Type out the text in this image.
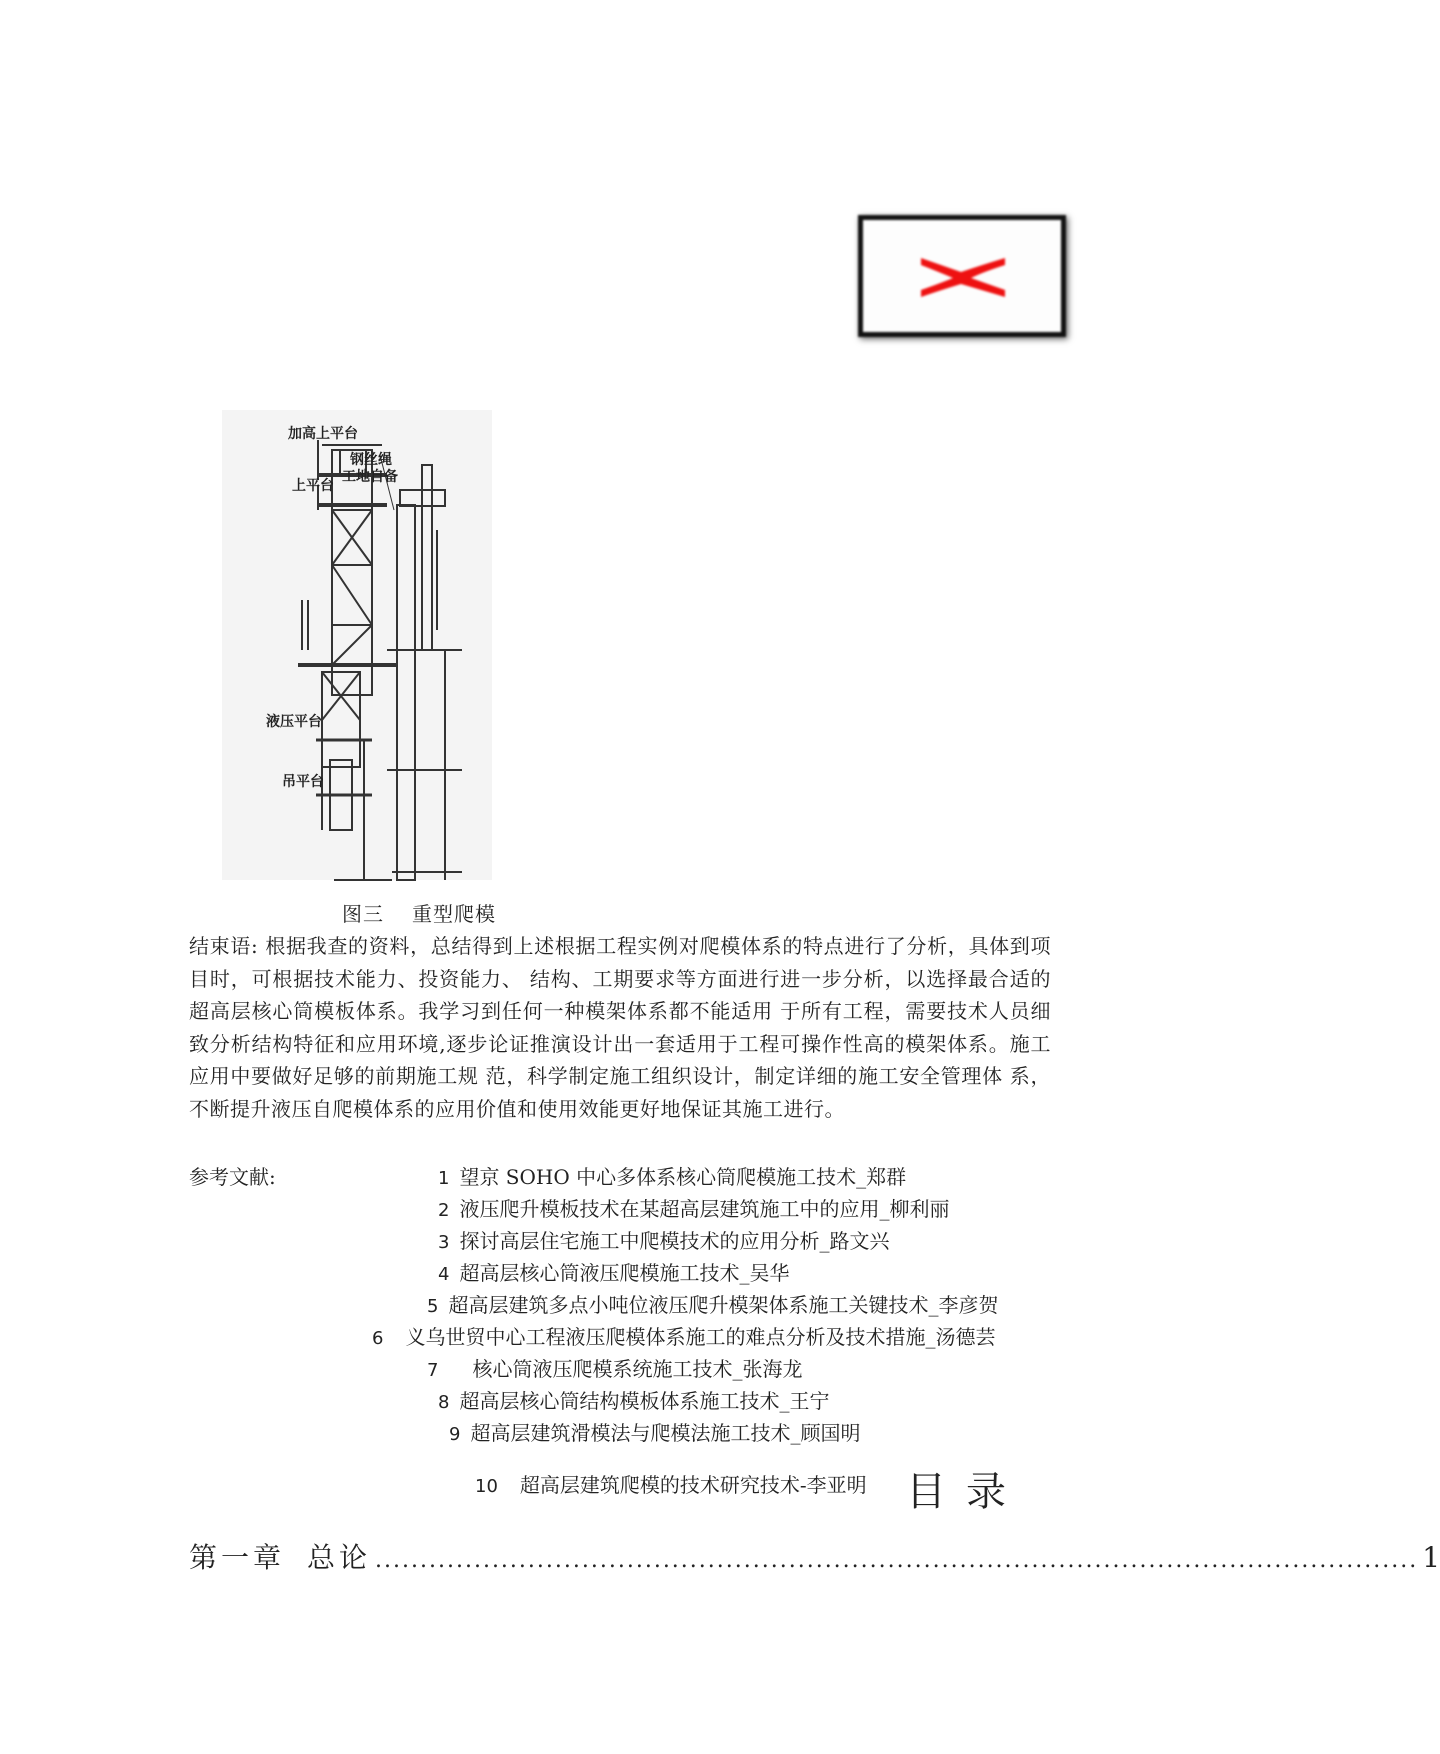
加高上平台
钢丝绳
工地自备
上平台
液压平台
吊平台
图三 重型爬模
结束语: 根据我查的资料，总结得到上述根据工程实例对爬模体系的特点进行了分析，具体到项目时，可根据技术能力、投资能力、 结构、工期要求等方面进行进一步分析，以选择最合适的超高层核心筒模板体系。我学习到任何一种模架体系都不能适用 于所有工程，需要技术人员细致分析结构特征和应用环境,逐步论证推演设计出一套适用于工程可操作性高的模架体系。施工应用中要做好足够的前期施工规 范，科学制定施工组织设计，制定详细的施工安全管理体 系，不断提升液压自爬模体系的应用价值和使用效能更好地保证其施工进行。
参考文献:	1 望京 SOHO 中心多体系核心筒爬模施工技术_郑群
2 液压爬升模板技术在某超高层建筑施工中的应用_柳利丽
3 探讨高层住宅施工中爬模技术的应用分析_路文兴
4 超高层核心筒液压爬模施工技术_吴华
5 超高层建筑多点小吨位液压爬升模架体系施工关键技术_李彦贺
6 义乌世贸中心工程液压爬模体系施工的难点分析及技术措施_汤德芸
7 核心筒液压爬模系统施工技术_张海龙
8 超高层核心筒结构模板体系施工技术_王宁
9 超高层建筑滑模法与爬模法施工技术_顾国明
10 超高层建筑爬模的技术研究技术-李亚明 目录
第一章 总论 .................................................................................................................... 1
